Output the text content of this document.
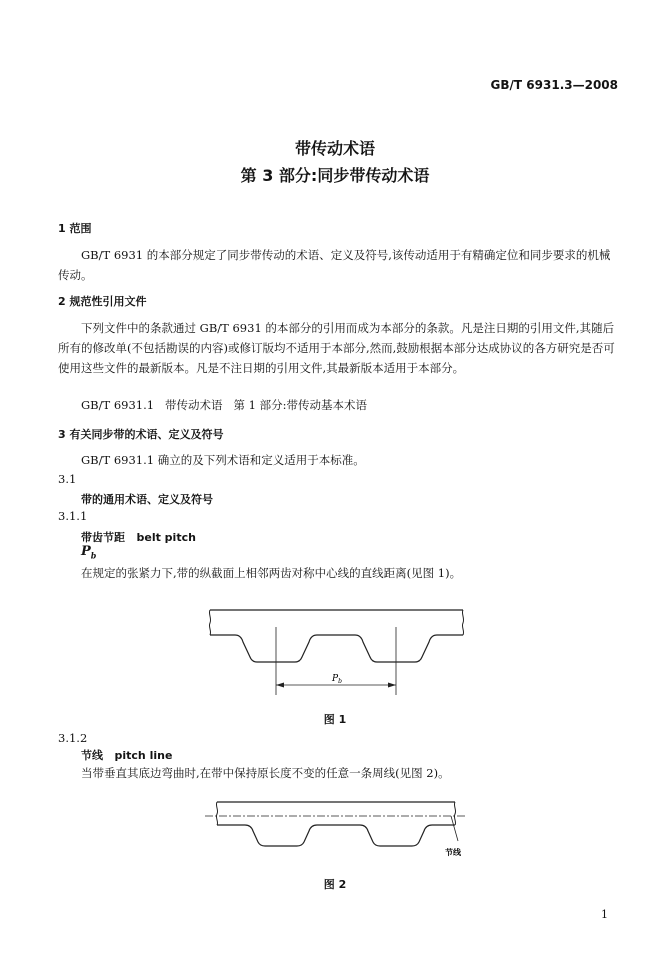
GB/T 6931.3—2008
带传动术语
第 3 部分:同步带传动术语
1 范围
GB/T 6931 的本部分规定了同步带传动的术语、定义及符号,该传动适用于有精确定位和同步要求的机械传动。
2 规范性引用文件
下列文件中的条款通过 GB/T 6931 的本部分的引用而成为本部分的条款。凡是注日期的引用文件,其随后所有的修改单(不包括勘误的内容)或修订版均不适用于本部分,然而,鼓励根据本部分达成协议的各方研究是否可使用这些文件的最新版本。凡是不注日期的引用文件,其最新版本适用于本部分。
GB/T 6931.1   带传动术语   第 1 部分:带传动基本术语
3 有关同步带的术语、定义及符号
GB/T 6931.1 确立的及下列术语和定义适用于本标准。
3.1
带的通用术语、定义及符号
3.1.1
带齿节距   belt pitch
$P_b$
在规定的张紧力下,带的纵截面上相邻两齿对称中心线的直线距离(见图 1)。
$P_b$
图 1
3.1.2
节线   pitch line
当带垂直其底边弯曲时,在带中保持原长度不变的任意一条周线(见图 2)。
节线
图 2
1
